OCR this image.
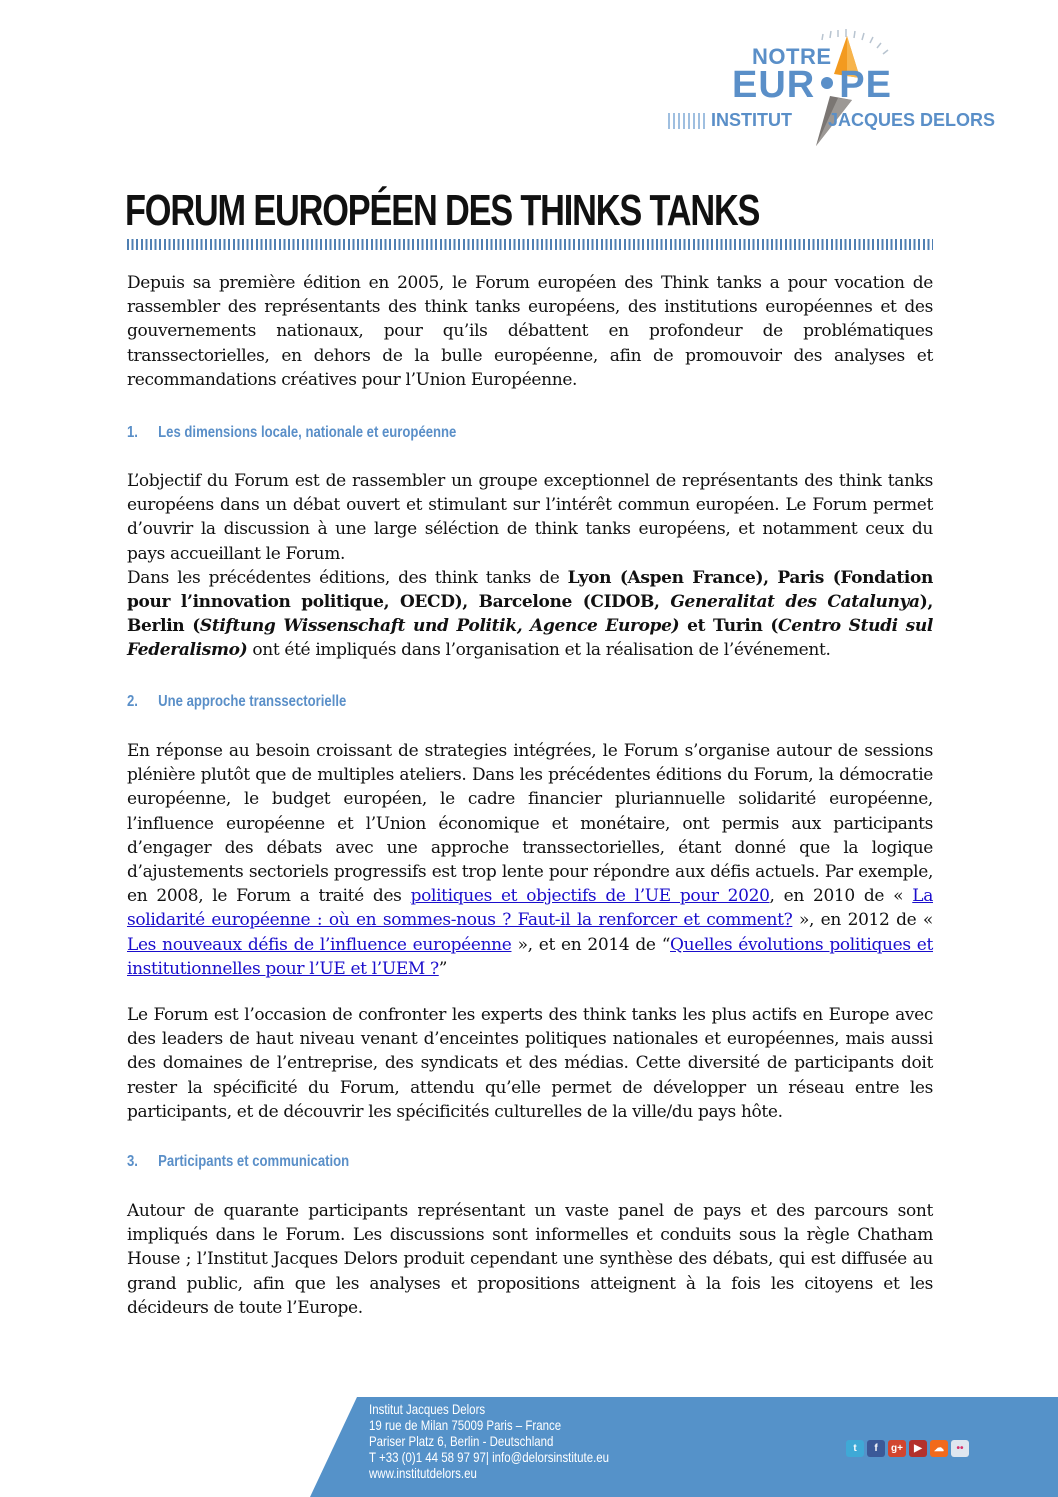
NOTRE
EUR PE
INSTITUT JACQUES DELORS
FORUM EUROPÉEN DES THINKS TANKS

Depuis sa première édition en 2005, le Forum européen des Think tanks a pour vocation de rassembler des représentants des think tanks européens, des institutions européennes et des gouvernements nationaux, pour qu’ils débattent en profondeur de problématiques transsectorielles, en dehors de la bulle européenne, afin de promouvoir des analyses et recommandations créatives pour l’Union Européenne.

1. Les dimensions locale, nationale et européenne

L’objectif du Forum est de rassembler un groupe exceptionnel de représentants des think tanks européens dans un débat ouvert et stimulant sur l’intérêt commun européen. Le Forum permet d’ouvrir la discussion à une large séléction de think tanks européens, et notamment ceux du pays accueillant le Forum.

Dans les précédentes éditions, des think tanks de Lyon (Aspen France), Paris (Fondation pour l’innovation politique, OECD), Barcelone (CIDOB, Generalitat des Catalunya), Berlin (Stiftung Wissenschaft und Politik, Agence Europe) et Turin (Centro Studi sul Federalismo) ont été impliqués dans l’organisation et la réalisation de l’événement.

2. Une approche transsectorielle

En réponse au besoin croissant de strategies intégrées, le Forum s’organise autour de sessions plénière plutôt que de multiples ateliers. Dans les précédentes éditions du Forum, la démocratie européenne, le budget européen, le cadre financier pluriannuelle solidarité européenne, l’influence européenne et l’Union économique et monétaire, ont permis aux participants d’engager des débats avec une approche transsectorielles, étant donné que la logique d’ajustements sectoriels progressifs est trop lente pour répondre aux défis actuels. Par exemple, en 2008, le Forum a traité des politiques et objectifs de l’UE pour 2020, en 2010 de « La solidarité européenne : où en sommes-nous ? Faut-il la renforcer et comment? », en 2012 de « Les nouveaux défis de l’influence européenne », et en 2014 de “Quelles évolutions politiques et institutionnelles pour l’UE et l’UEM ?”

Le Forum est l’occasion de confronter les experts des think tanks les plus actifs en Europe avec des leaders de haut niveau venant d’enceintes politiques nationales et européennes, mais aussi des domaines de l’entreprise, des syndicats et des médias. Cette diversité de participants doit rester la spécificité du Forum, attendu qu’elle permet de développer un réseau entre les participants, et de découvrir les spécificités culturelles de la ville/du pays hôte.

3. Participants et communication

Autour de quarante participants représentant un vaste panel de pays et des parcours sont impliqués dans le Forum. Les discussions sont informelles et conduits sous la règle Chatham House ; l’Institut Jacques Delors produit cependant une synthèse des débats, qui est diffusée au grand public, afin que les analyses et propositions atteignent à la fois les citoyens et les décideurs de toute l’Europe.

Institut Jacques Delors
19 rue de Milan 75009 Paris – France
Pariser Platz 6, Berlin - Deutschland
T +33 (0)1 44 58 97 97| info@delorsinstitute.eu
www.institutdelors.eu
t	f	g+	▶	☁	••
